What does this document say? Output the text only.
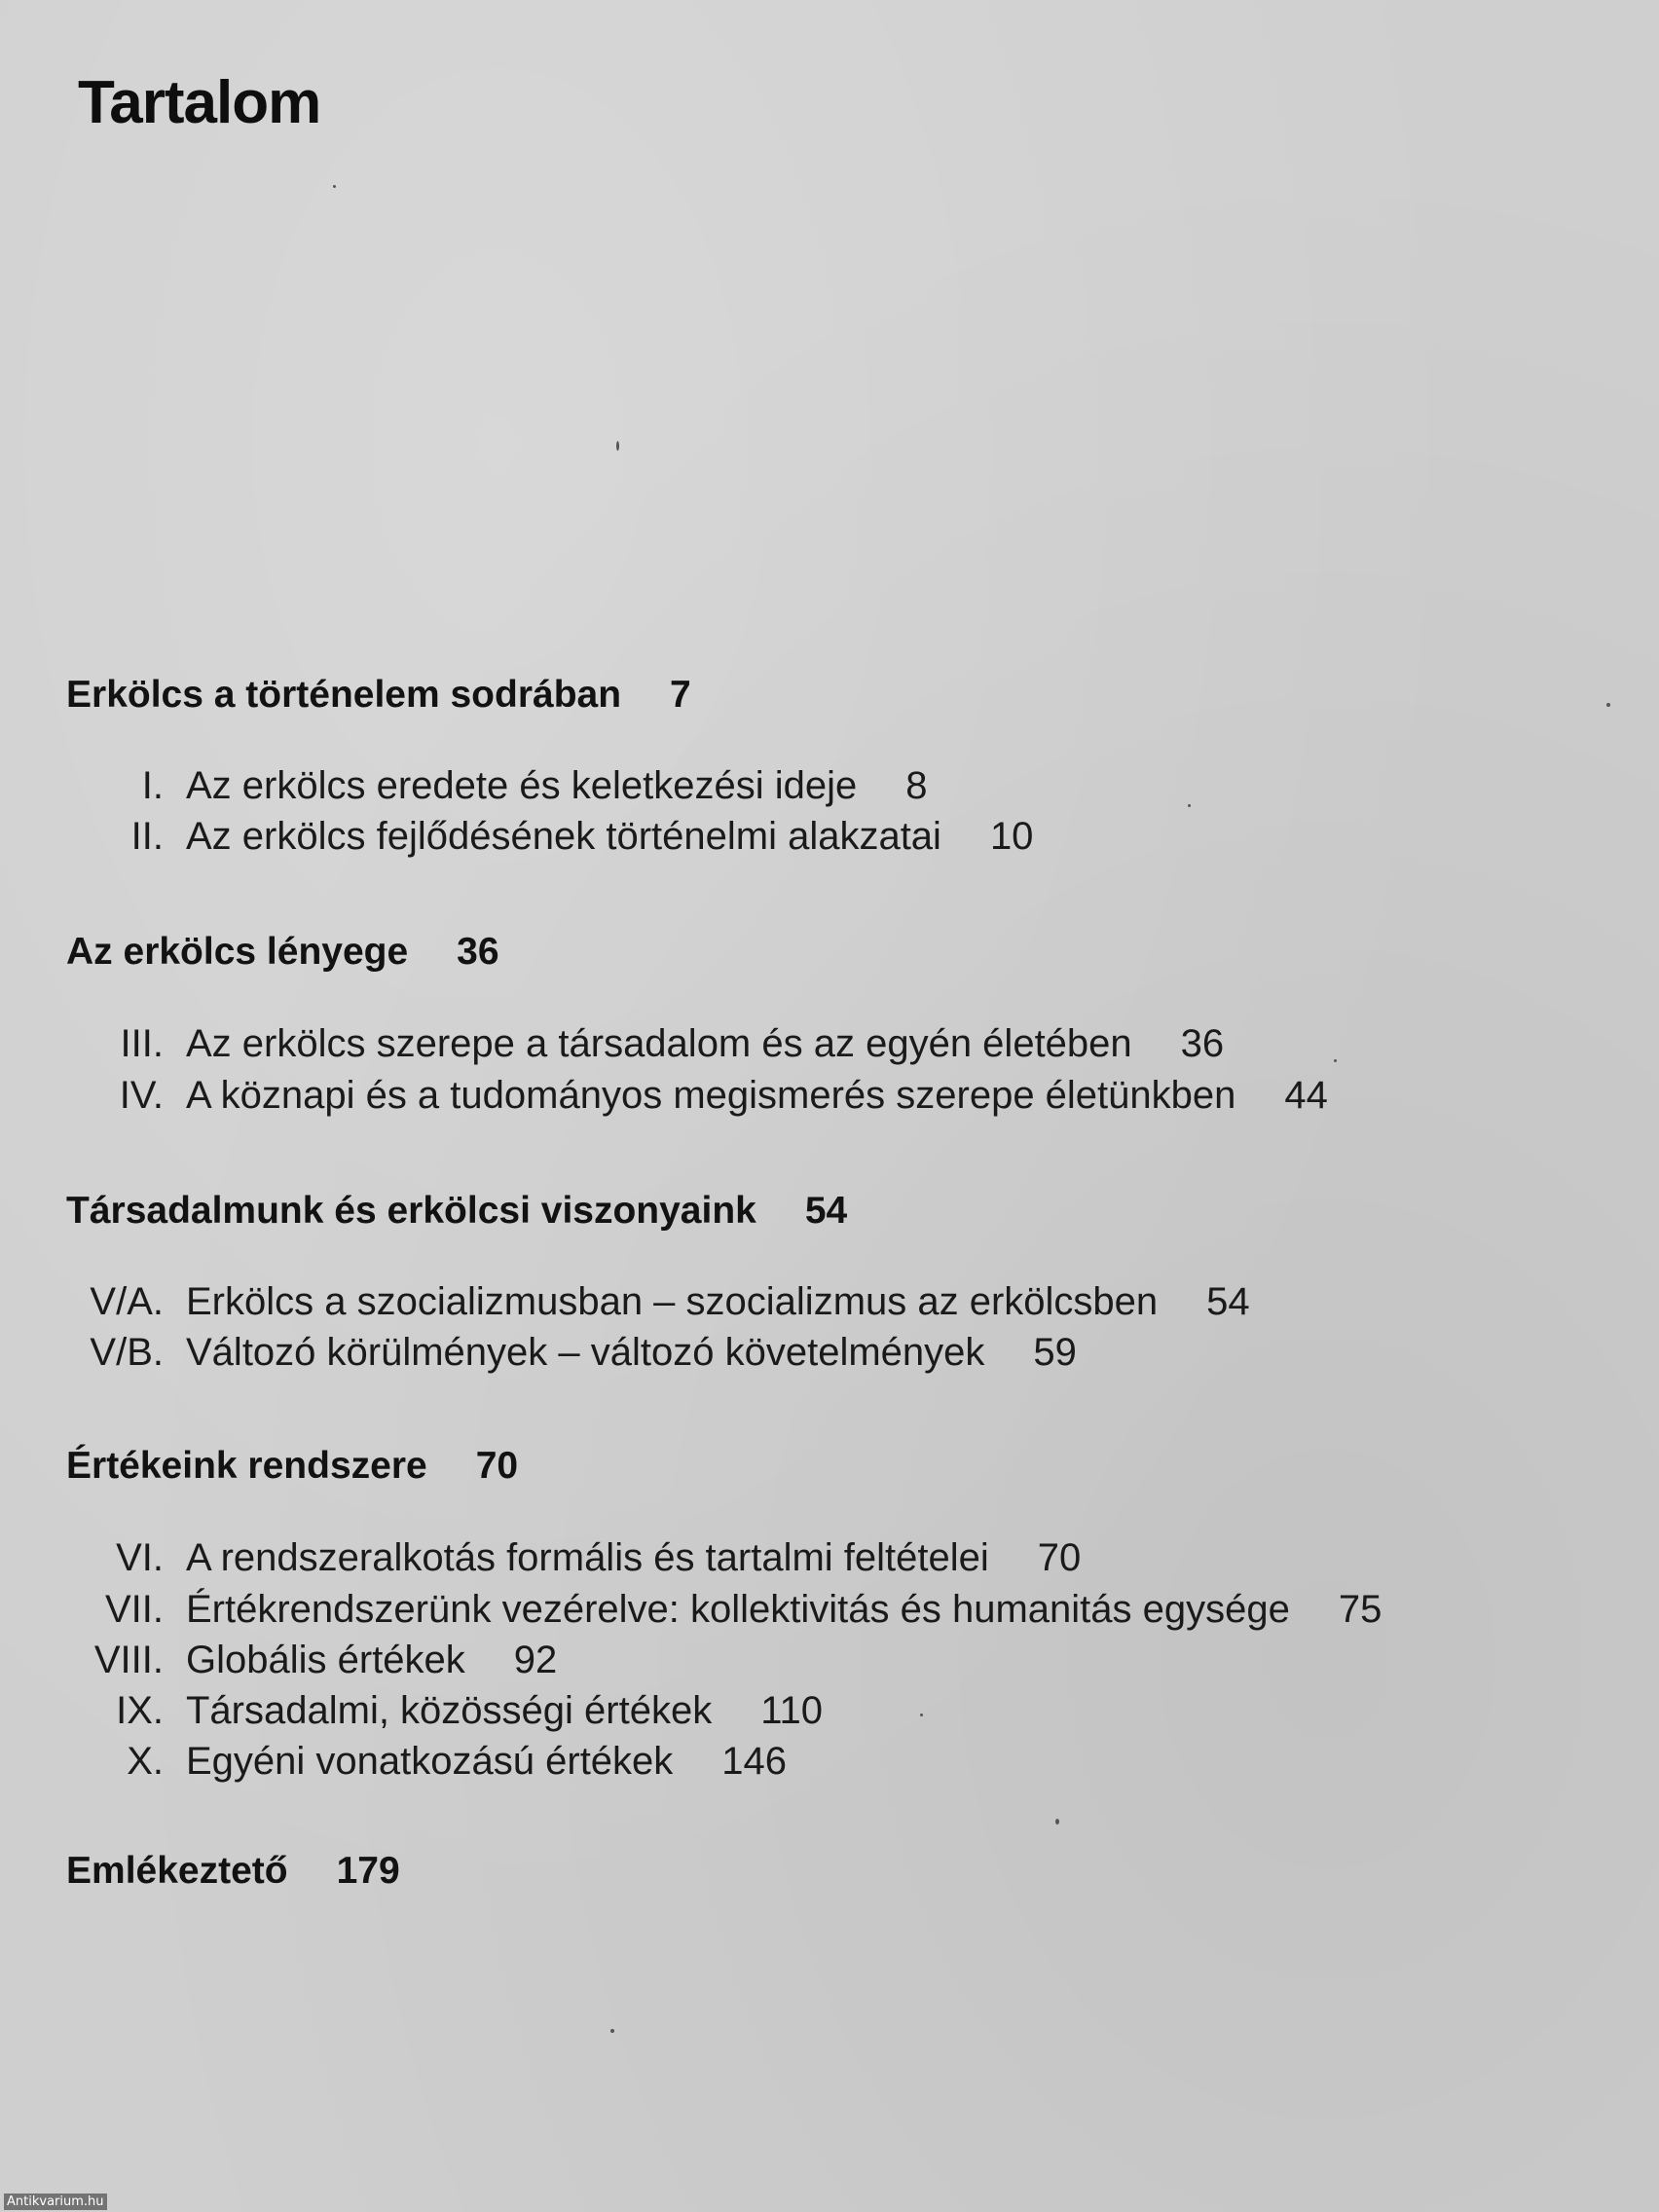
Tartalom
Erkölcs a történelem sodrában 7
I. Az erkölcs eredete és keletkezési ideje 8
II. Az erkölcs fejlődésének történelmi alakzatai 10
Az erkölcs lényege 36
III. Az erkölcs szerepe a társadalom és az egyén életében 36
IV. A köznapi és a tudományos megismerés szerepe életünkben 44
Társadalmunk és erkölcsi viszonyaink 54
V/A. Erkölcs a szocializmusban – szocializmus az erkölcsben 54
V/B. Változó körülmények – változó követelmények 59
Értékeink rendszere 70
VI. A rendszeralkotás formális és tartalmi feltételei 70
VII. Értékrendszerünk vezérelve: kollektivitás és humanitás egysége 75
VIII. Globális értékek 92
IX. Társadalmi, közösségi értékek 110
X. Egyéni vonatkozású értékek 146
Emlékeztető 179
Antikvarium.hu
